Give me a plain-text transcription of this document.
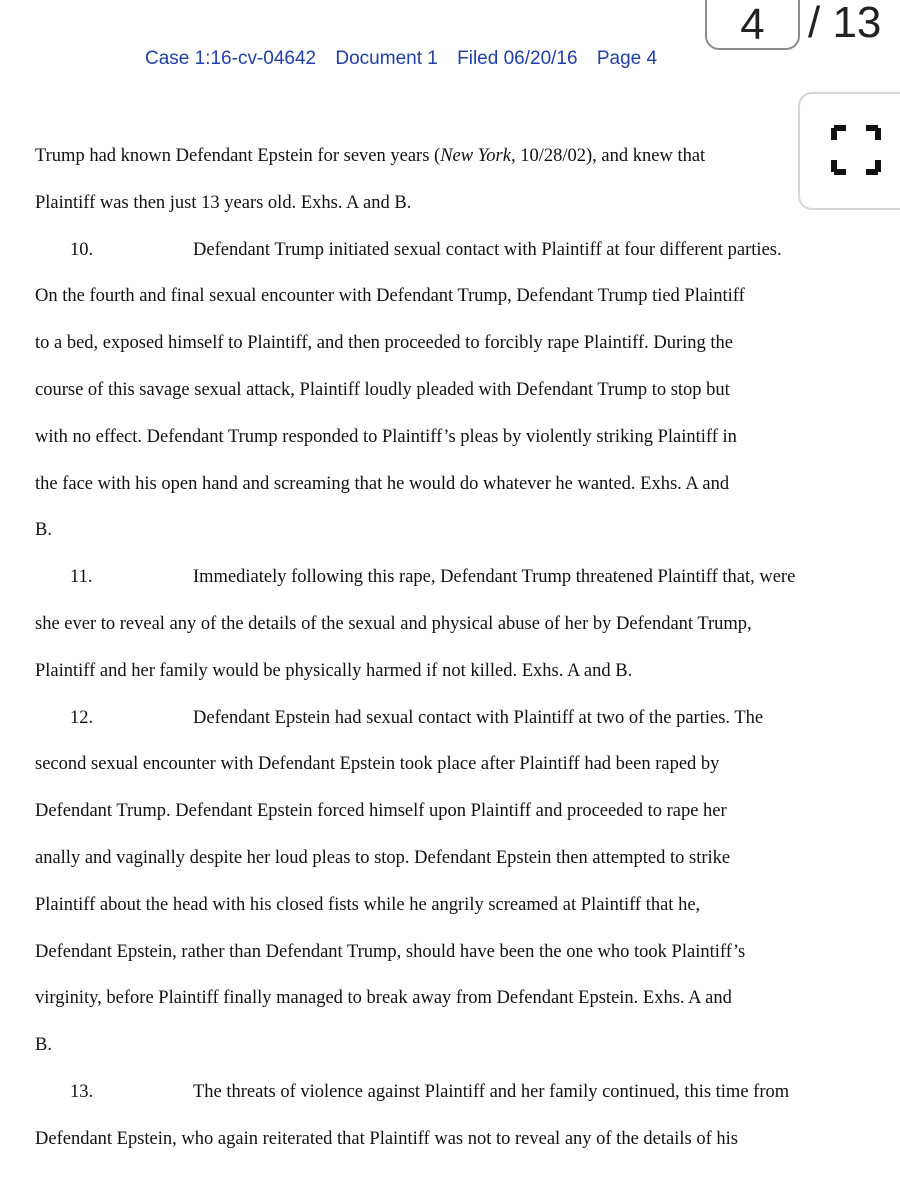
Case 1:16-cv-04642 Document 1 Filed 06/20/16 Page 4
4 / 13
Trump had known Defendant Epstein for seven years (New York, 10/28/02), and knew that
Plaintiff was then just 13 years old. Exhs. A and B.
10.	Defendant Trump initiated sexual contact with Plaintiff at four different parties.
On the fourth and final sexual encounter with Defendant Trump, Defendant Trump tied Plaintiff
to a bed, exposed himself to Plaintiff, and then proceeded to forcibly rape Plaintiff. During the
course of this savage sexual attack, Plaintiff loudly pleaded with Defendant Trump to stop but
with no effect. Defendant Trump responded to Plaintiff’s pleas by violently striking Plaintiff in
the face with his open hand and screaming that he would do whatever he wanted. Exhs. A and
B.
11.	Immediately following this rape, Defendant Trump threatened Plaintiff that, were
she ever to reveal any of the details of the sexual and physical abuse of her by Defendant Trump,
Plaintiff and her family would be physically harmed if not killed. Exhs. A and B.
12.	Defendant Epstein had sexual contact with Plaintiff at two of the parties. The
second sexual encounter with Defendant Epstein took place after Plaintiff had been raped by
Defendant Trump. Defendant Epstein forced himself upon Plaintiff and proceeded to rape her
anally and vaginally despite her loud pleas to stop. Defendant Epstein then attempted to strike
Plaintiff about the head with his closed fists while he angrily screamed at Plaintiff that he,
Defendant Epstein, rather than Defendant Trump, should have been the one who took Plaintiff’s
virginity, before Plaintiff finally managed to break away from Defendant Epstein. Exhs. A and
B.
13.	The threats of violence against Plaintiff and her family continued, this time from
Defendant Epstein, who again reiterated that Plaintiff was not to reveal any of the details of his
